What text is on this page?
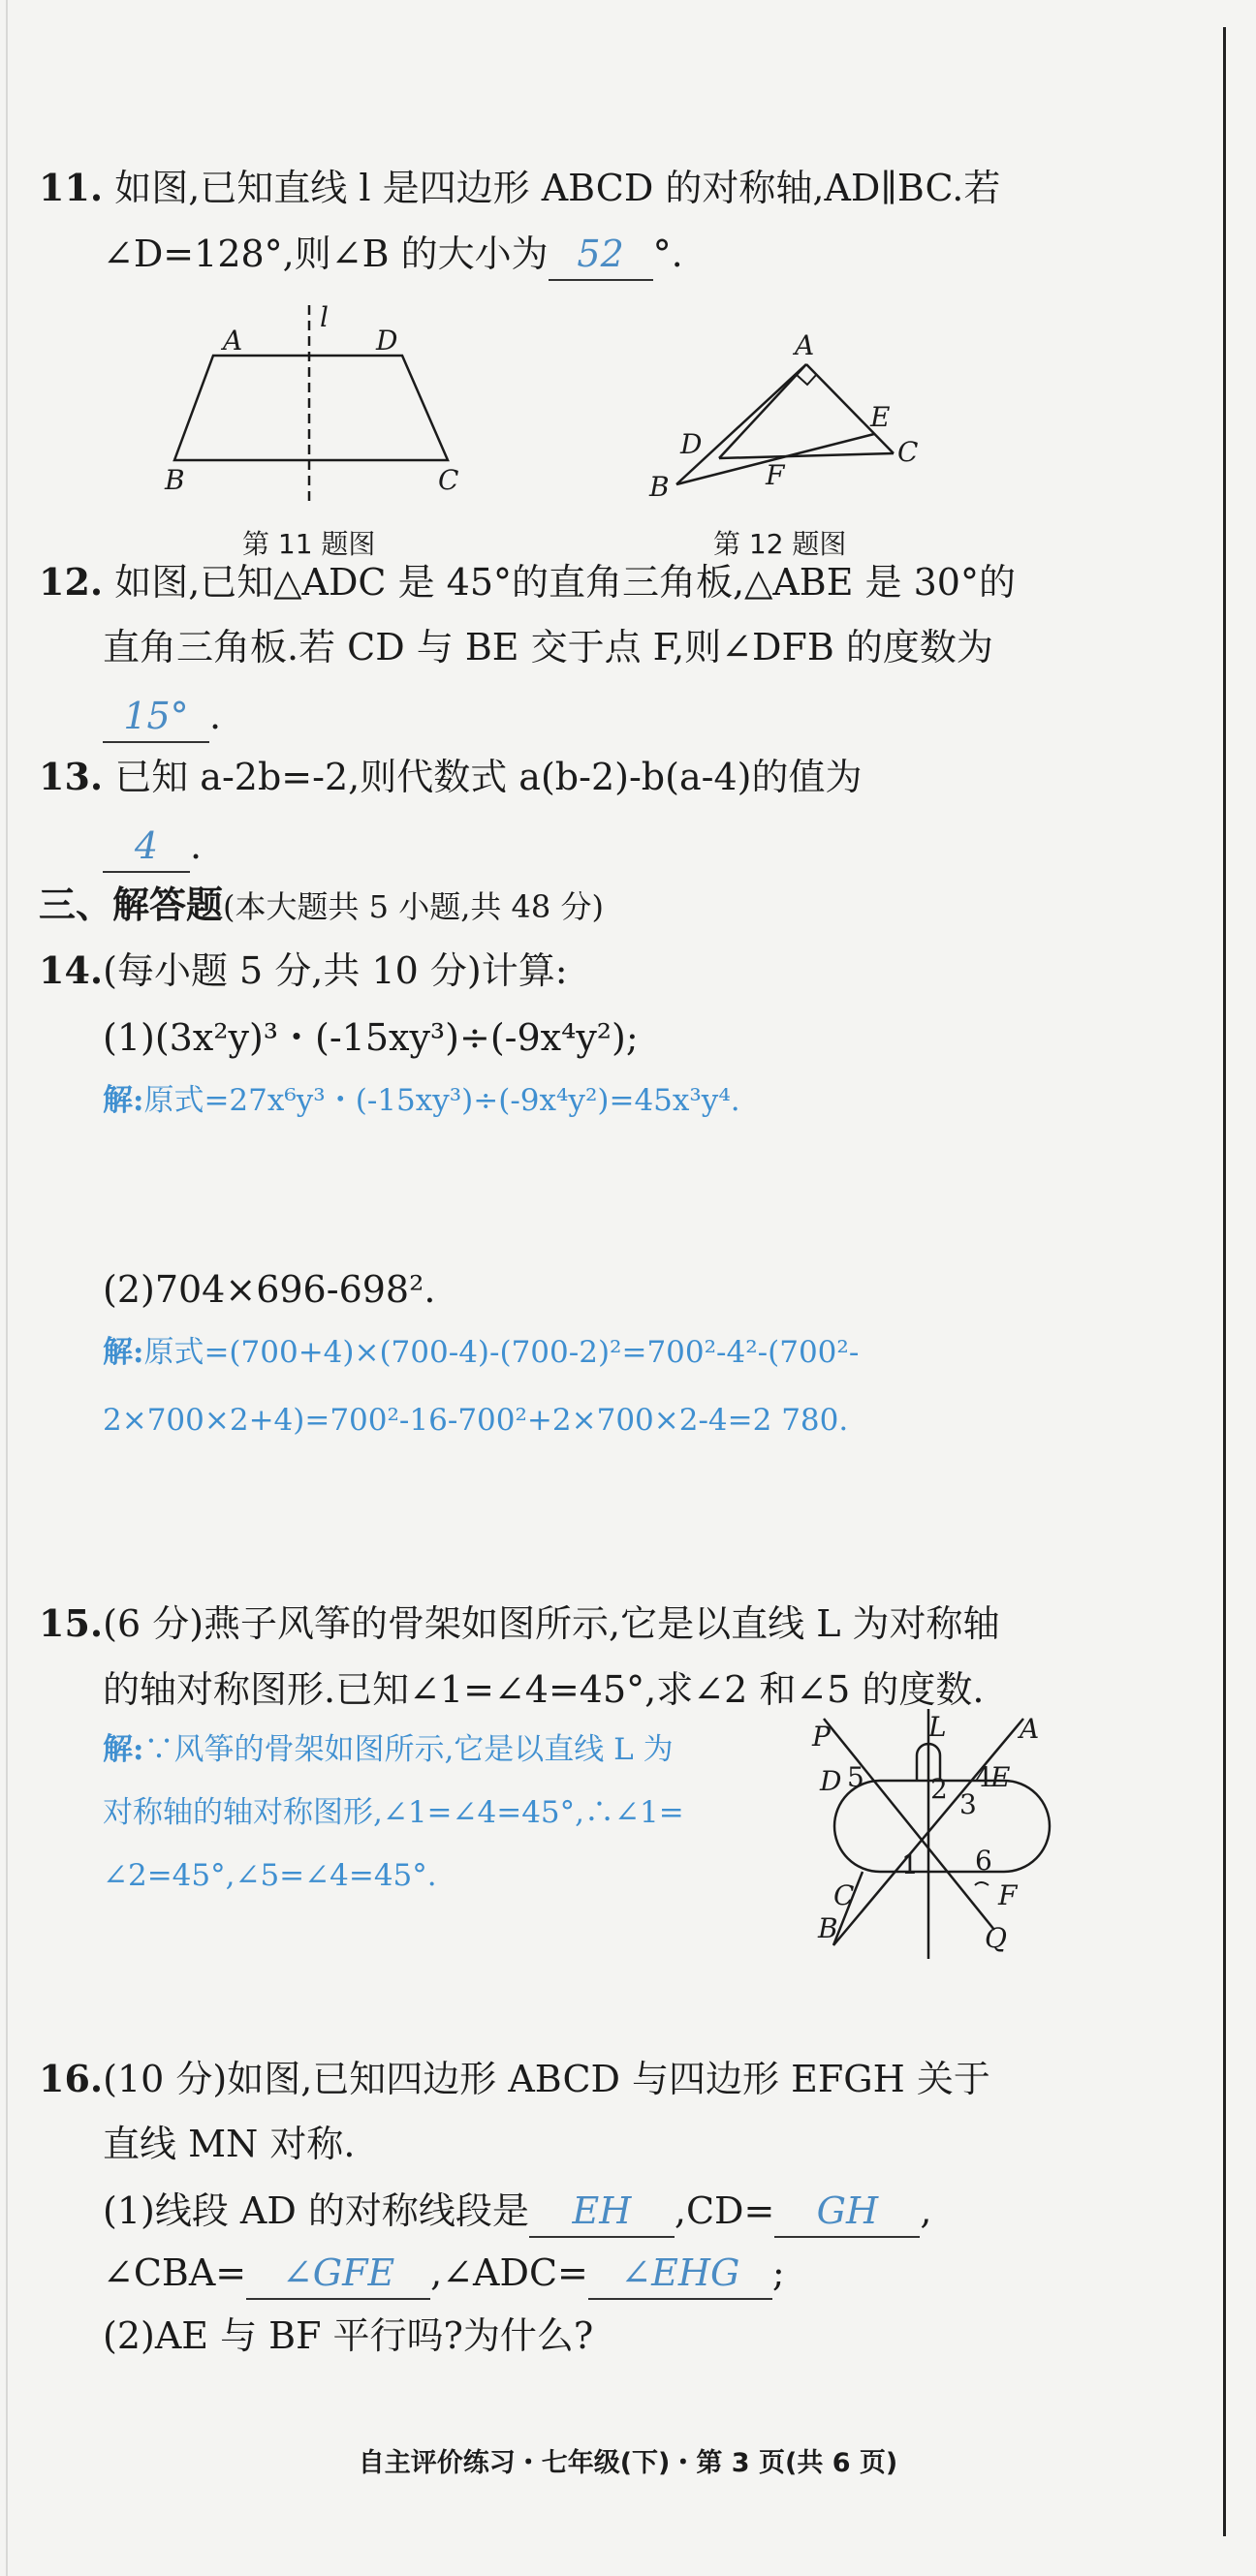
11. 如图,已知直线 l 是四边形 ABCD 的对称轴,AD∥BC.若
∠D=128°,则∠B 的大小为 52 °.
A	D
l
B	C
第 11 题图
A
E
D	C
B	F
第 12 题图
12. 如图,已知△ADC 是 45°的直角三角板,△ABE 是 30°的
直角三角板.若 CD 与 BE 交于点 F,则∠DFB 的度数为
15° .
13. 已知 a-2b=-2,则代数式 a(b-2)-b(a-4)的值为
4 .
三、解答题(本大题共 5 小题,共 48 分)
14.(每小题 5 分,共 10 分)计算:
(1)(3x²y)³・(-15xy³)÷(-9x⁴y²);
解:原式=27x⁶y³・(-15xy³)÷(-9x⁴y²)=45x³y⁴.
(2)704×696-698².
解:原式=(700+4)×(700-4)-(700-2)²=700²-4²-(700²-
2×700×2+4)=700²-16-700²+2×700×2-4=2 780.
15.(6 分)燕子风筝的骨架如图所示,它是以直线 L 为对称轴
的轴对称图形.已知∠1=∠4=45°,求∠2 和∠5 的度数.
解:∵风筝的骨架如图所示,它是以直线 L 为
对称轴的轴对称图形,∠1=∠4=45°,∴∠1=
∠2=45°,∠5=∠4=45°.
P	L	A
D 5 2 4
E
3
1 6
C	F
B	Q
16.(10 分)如图,已知四边形 ABCD 与四边形 EFGH 关于
直线 MN 对称.
(1)线段 AD 的对称线段是 EH ,CD= GH ,
∠CBA= ∠GFE ,∠ADC= ∠EHG ;
(2)AE 与 BF 平行吗?为什么?
自主评价练习・七年级(下)・第 3 页(共 6 页)
